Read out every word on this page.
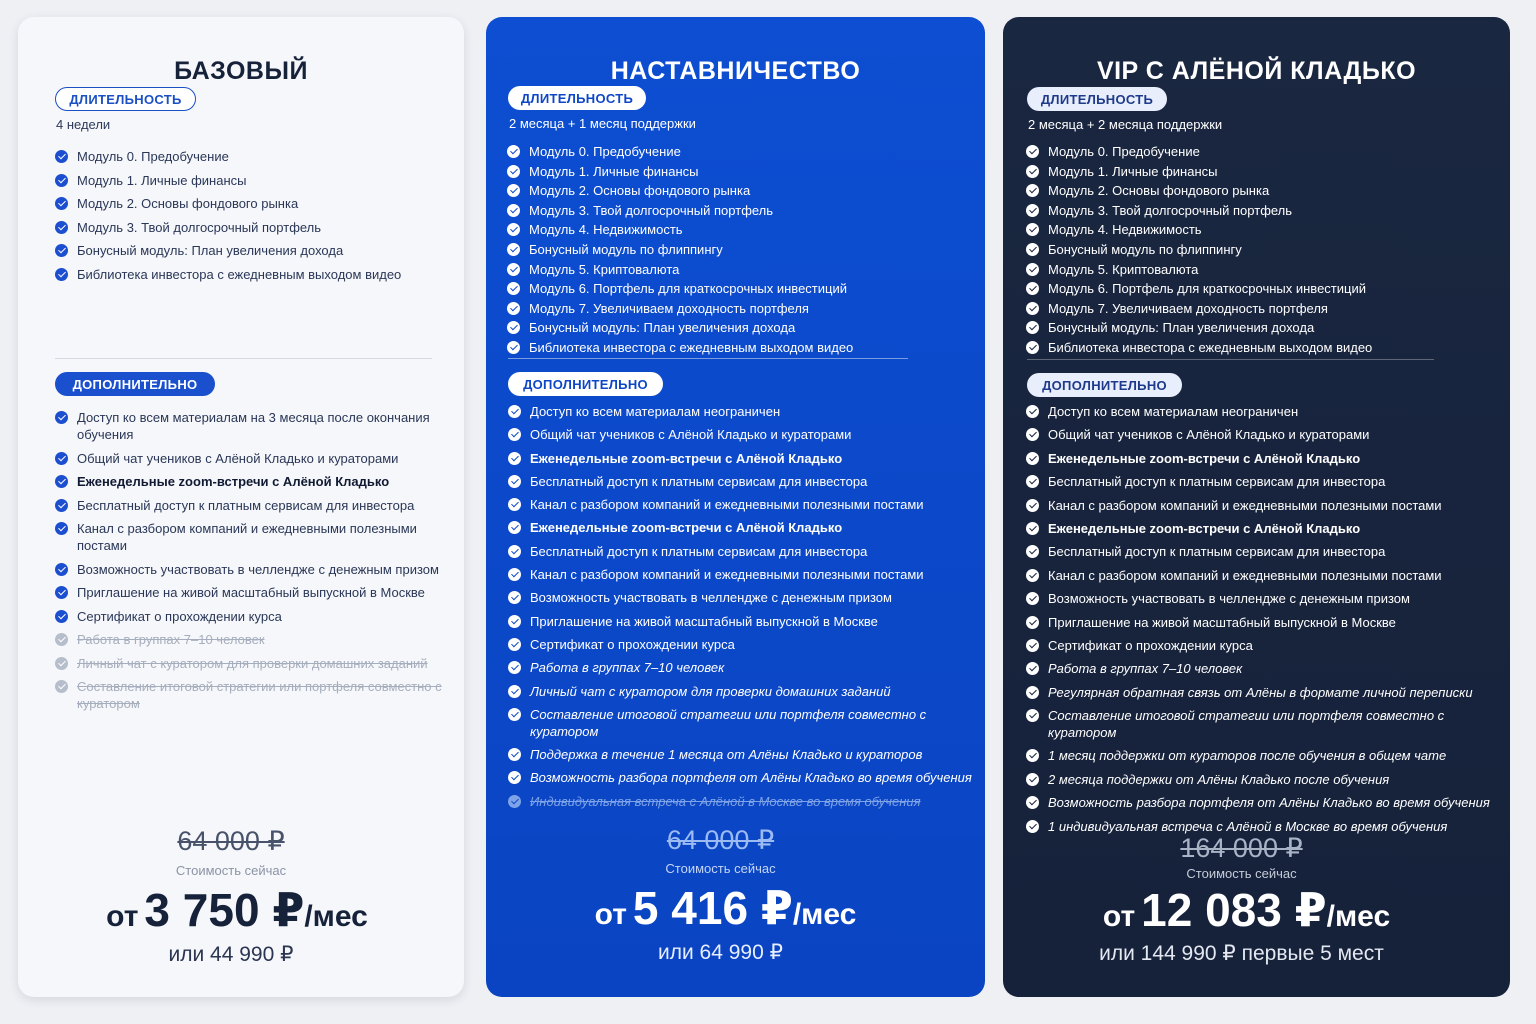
БАЗОВЫЙ
ДЛИТЕЛЬНОСТЬ
4 недели
Модуль 0. Предобучение
Модуль 1. Личные финансы
Модуль 2. Основы фондового рынка
Модуль 3. Твой долгосрочный портфель
Бонусный модуль: План увеличения дохода
Библиотека инвестора с ежедневным выходом видео
ДОПОЛНИТЕЛЬНО
Доступ ко всем материалам на 3 месяца после окончания обучения
Общий чат учеников с Алёной Кладько и кураторами
Еженедельные zoom-встречи с Алёной Кладько
Бесплатный доступ к платным сервисам для инвестора
Канал с разбором компаний и ежедневными полезными постами
Возможность участвовать в челлендже с денежным призом
Приглашение на живой масштабный выпускной в Москве
Сертификат о прохождении курса
Работа в группах 7–10 человек
Личный чат с куратором для проверки домашних заданий
Составление итоговой стратегии или портфеля совместно с куратором
64 000 ₽
Стоимость сейчас
от 3 750 ₽/мес
или 44 990 ₽
НАСТАВНИЧЕСТВО
ДЛИТЕЛЬНОСТЬ
2 месяца + 1 месяц поддержки
Модуль 0. Предобучение
Модуль 1. Личные финансы
Модуль 2. Основы фондового рынка
Модуль 3. Твой долгосрочный портфель
Модуль 4. Недвижимость
Бонусный модуль по флиппингу
Модуль 5. Криптовалюта
Модуль 6. Портфель для краткосрочных инвестиций
Модуль 7. Увеличиваем доходность портфеля
Бонусный модуль: План увеличения дохода
Библиотека инвестора с ежедневным выходом видео
ДОПОЛНИТЕЛЬНО
Доступ ко всем материалам неограничен
Общий чат учеников с Алёной Кладько и кураторами
Еженедельные zoom-встречи с Алёной Кладько
Бесплатный доступ к платным сервисам для инвестора
Канал с разбором компаний и ежедневными полезными постами
Еженедельные zoom-встречи с Алёной Кладько
Бесплатный доступ к платным сервисам для инвестора
Канал с разбором компаний и ежедневными полезными постами
Возможность участвовать в челлендже с денежным призом
Приглашение на живой масштабный выпускной в Москве
Сертификат о прохождении курса
Работа в группах 7–10 человек
Личный чат с куратором для проверки домашних заданий
Составление итоговой стратегии или портфеля совместно с куратором
Поддержка в течение 1 месяца от Алёны Кладько и кураторов
Возможность разбора портфеля от Алёны Кладько во время обучения
Индивидуальная встреча с Алёной в Москве во время обучения
64 000 ₽
Стоимость сейчас
от 5 416 ₽/мес
или 64 990 ₽
VIP С АЛЁНОЙ КЛАДЬКО
ДЛИТЕЛЬНОСТЬ
2 месяца + 2 месяца поддержки
Модуль 0. Предобучение
Модуль 1. Личные финансы
Модуль 2. Основы фондового рынка
Модуль 3. Твой долгосрочный портфель
Модуль 4. Недвижимость
Бонусный модуль по флиппингу
Модуль 5. Криптовалюта
Модуль 6. Портфель для краткосрочных инвестиций
Модуль 7. Увеличиваем доходность портфеля
Бонусный модуль: План увеличения дохода
Библиотека инвестора с ежедневным выходом видео
ДОПОЛНИТЕЛЬНО
Доступ ко всем материалам неограничен
Общий чат учеников с Алёной Кладько и кураторами
Еженедельные zoom-встречи с Алёной Кладько
Бесплатный доступ к платным сервисам для инвестора
Канал с разбором компаний и ежедневными полезными постами
Еженедельные zoom-встречи с Алёной Кладько
Бесплатный доступ к платным сервисам для инвестора
Канал с разбором компаний и ежедневными полезными постами
Возможность участвовать в челлендже с денежным призом
Приглашение на живой масштабный выпускной в Москве
Сертификат о прохождении курса
Работа в группах 7–10 человек
Регулярная обратная связь от Алёны в формате личной переписки
Составление итоговой стратегии или портфеля совместно с куратором
1 месяц поддержки от кураторов после обучения в общем чате
2 месяца поддержки от Алёны Кладько после обучения
Возможность разбора портфеля от Алёны Кладько во время обучения
1 индивидуальная встреча с Алёной в Москве во время обучения
164 000 ₽
Стоимость сейчас
от 12 083 ₽/мес
или 144 990 ₽ первые 5 мест
